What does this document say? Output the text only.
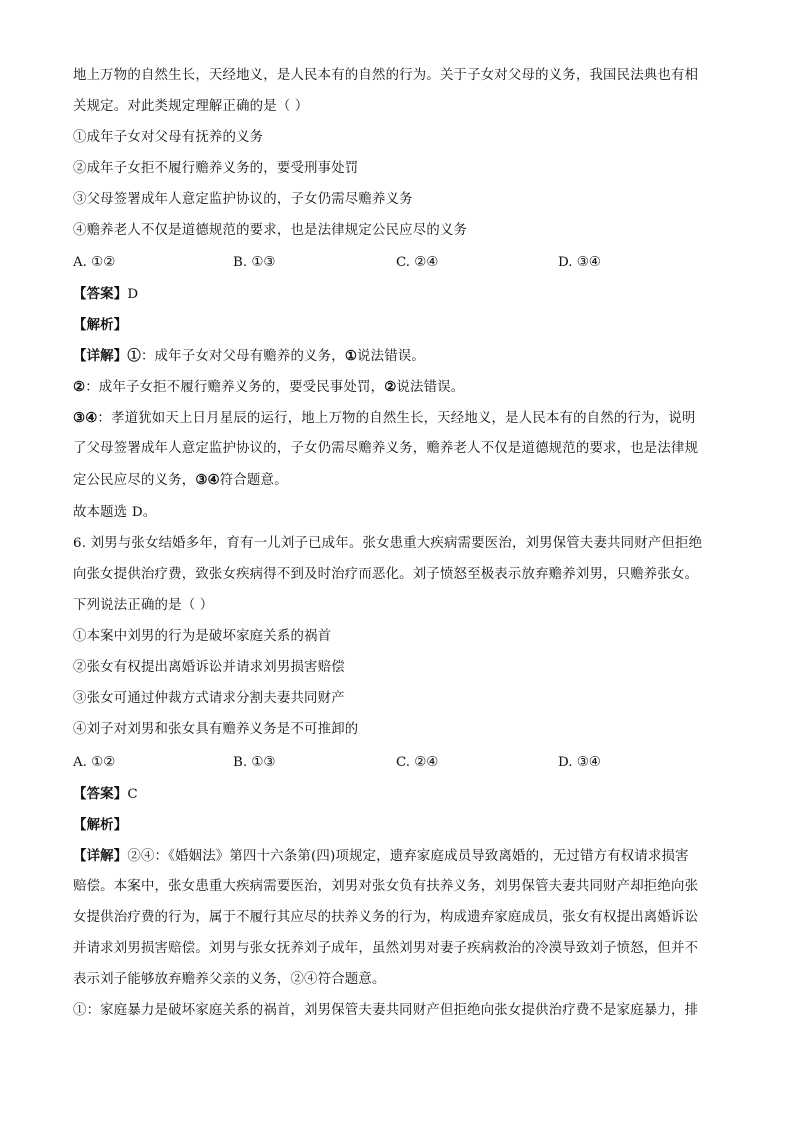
地上万物的自然生长，天经地义，是人民本有的自然的行为。关于子女对父母的义务，我国民法典也有相
关规定。对此类规定理解正确的是（ ）
①成年子女对父母有抚养的义务
②成年子女拒不履行赡养义务的，要受刑事处罚
③父母签署成年人意定监护协议的，子女仍需尽赡养义务
④赡养老人不仅是道德规范的要求，也是法律规定公民应尽的义务
A. ①②	B. ①③	C. ②④	D. ③④
【答案】D
【解析】
【详解】①：成年子女对父母有赡养的义务，①说法错误。
②：成年子女拒不履行赡养义务的，要受民事处罚，②说法错误。
③④：孝道犹如天上日月星辰的运行，地上万物的自然生长，天经地义，是人民本有的自然的行为，说明
了父母签署成年人意定监护协议的，子女仍需尽赡养义务，赡养老人不仅是道德规范的要求，也是法律规
定公民应尽的义务，③④符合题意。
故本题选 D。
6. 刘男与张女结婚多年，育有一儿刘子已成年。张女患重大疾病需要医治，刘男保管夫妻共同财产但拒绝
向张女提供治疗费，致张女疾病得不到及时治疗而恶化。刘子愤怒至极表示放弃赡养刘男，只赡养张女。
下列说法正确的是（ ）
①本案中刘男的行为是破坏家庭关系的祸首
②张女有权提出离婚诉讼并请求刘男损害赔偿
③张女可通过仲裁方式请求分割夫妻共同财产
④刘子对刘男和张女具有赡养义务是不可推卸的
A. ①②	B. ①③	C. ②④	D. ③④
【答案】C
【解析】
【详解】②④：《婚姻法》第四十六条第(四)项规定，遗弃家庭成员导致离婚的，无过错方有权请求损害
赔偿。本案中，张女患重大疾病需要医治，刘男对张女负有扶养义务，刘男保管夫妻共同财产却拒绝向张
女提供治疗费的行为，属于不履行其应尽的扶养义务的行为，构成遗弃家庭成员，张女有权提出离婚诉讼
并请求刘男损害赔偿。刘男与张女抚养刘子成年，虽然刘男对妻子疾病救治的冷漠导致刘子愤怒，但并不
表示刘子能够放弃赡养父亲的义务，②④符合题意。
①：家庭暴力是破坏家庭关系的祸首，刘男保管夫妻共同财产但拒绝向张女提供治疗费不是家庭暴力，排
